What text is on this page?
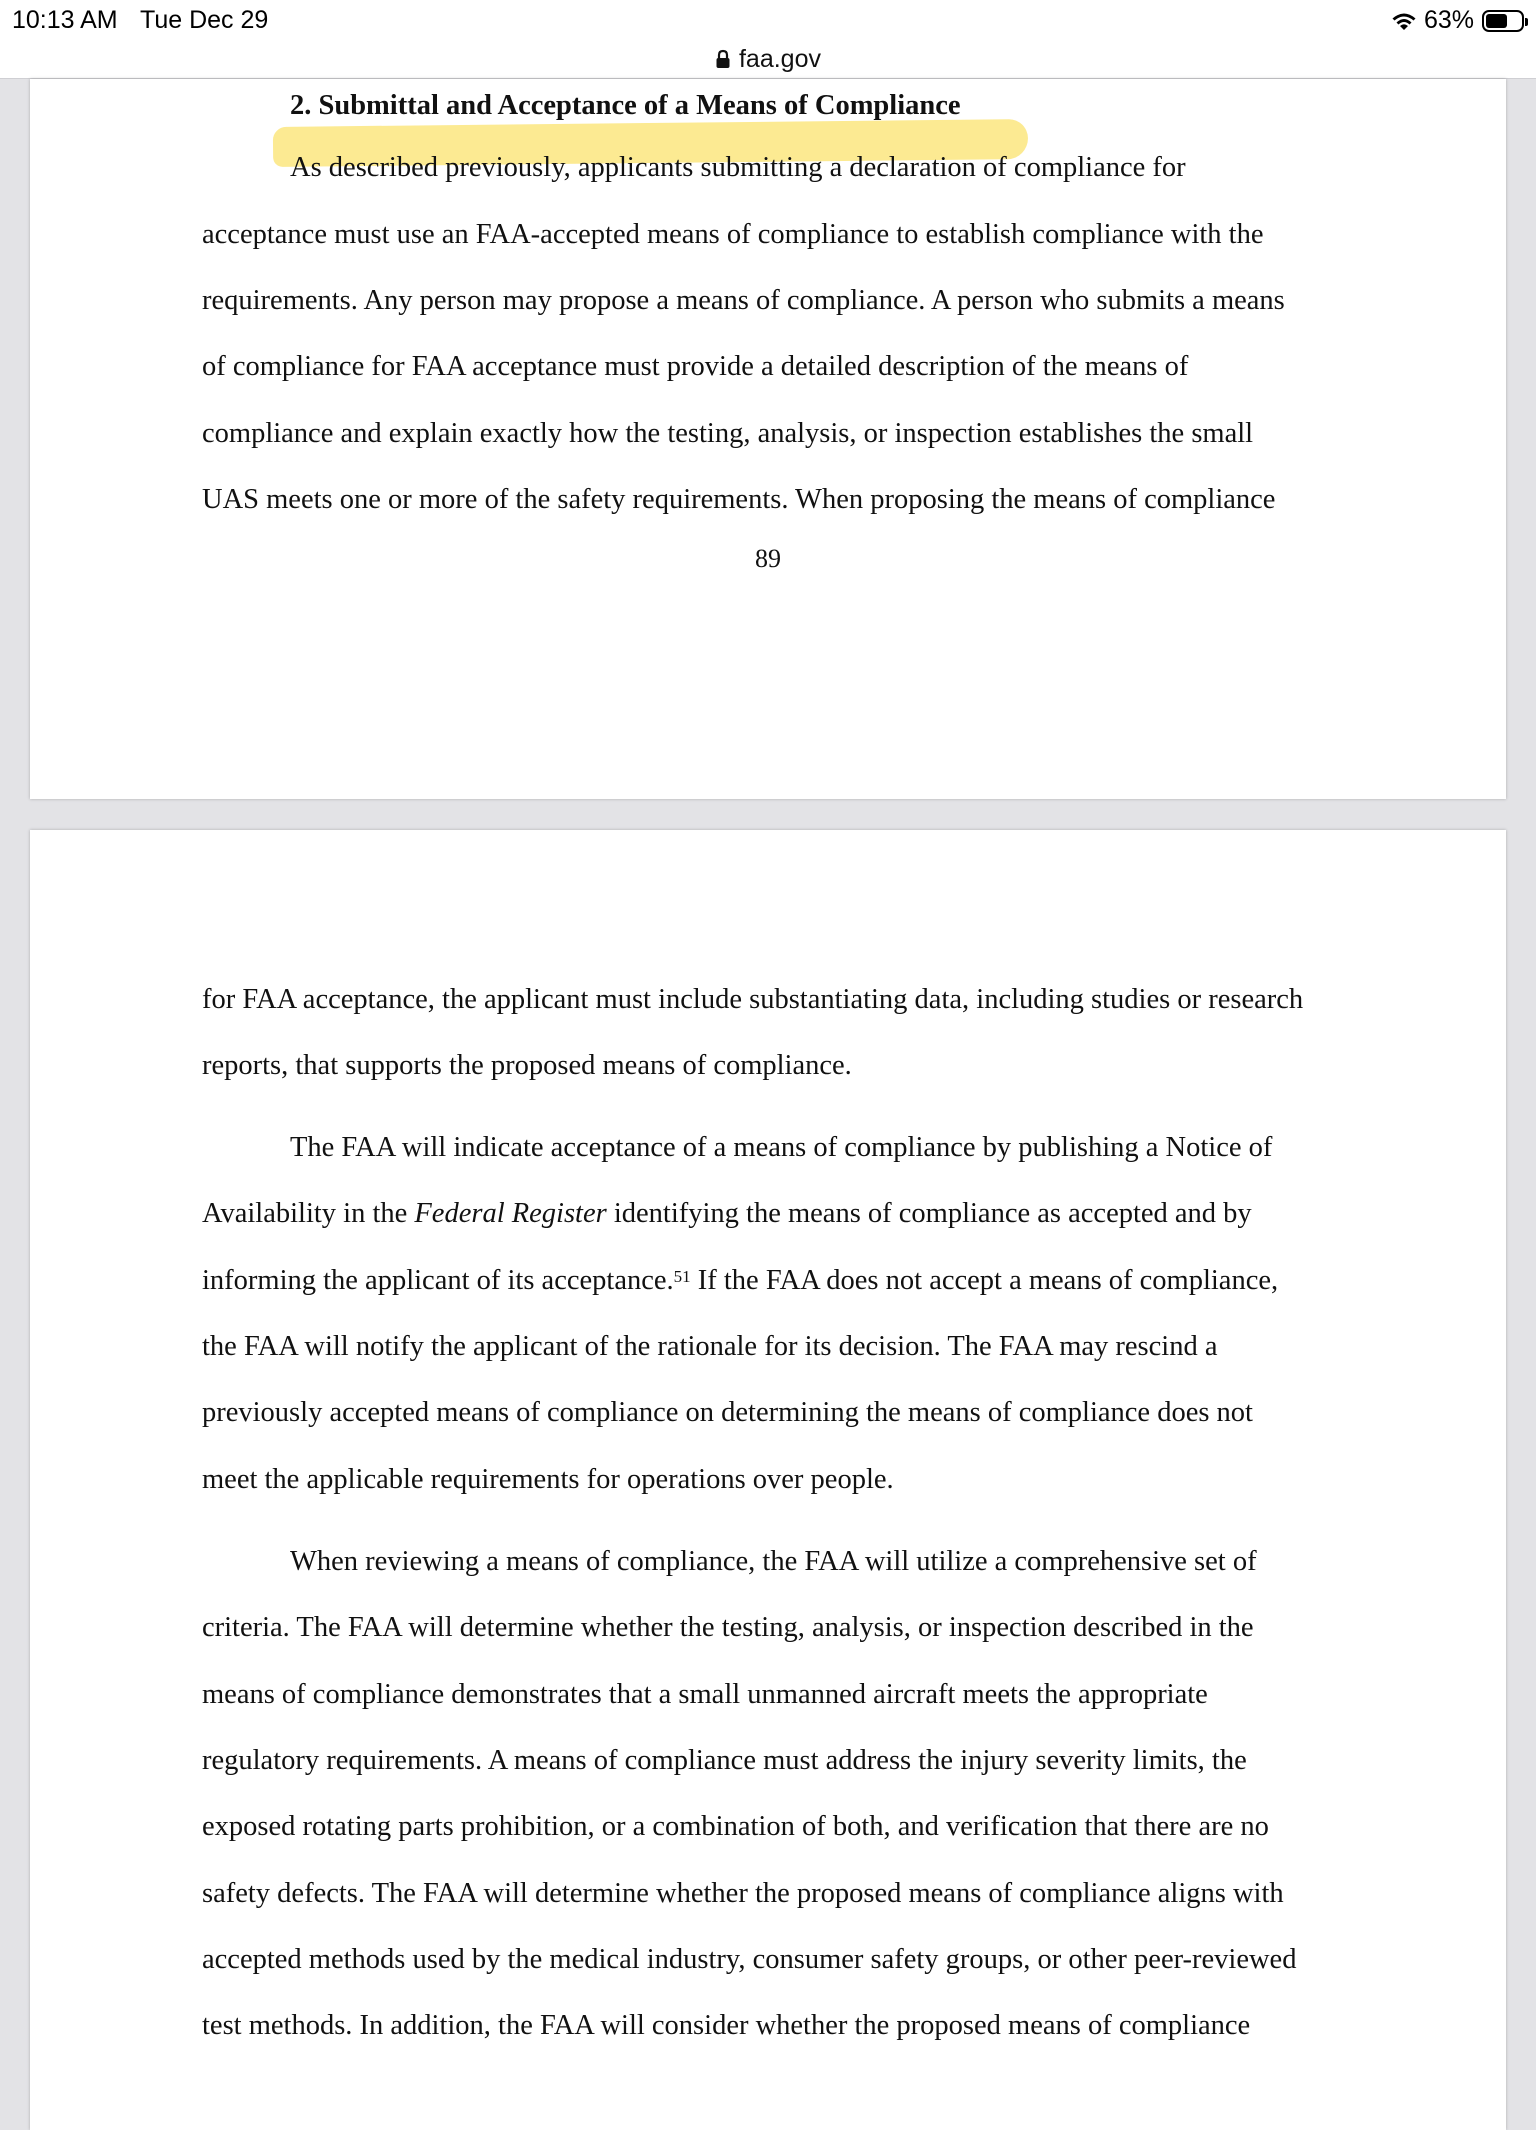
10:13 AM Tue Dec 29	63%
faa.gov
2. Submittal and Acceptance of a Means of Compliance
As described previously, applicants submitting a declaration of compliance for
acceptance must use an FAA-accepted means of compliance to establish compliance with the
requirements. Any person may propose a means of compliance. A person who submits a means
of compliance for FAA acceptance must provide a detailed description of the means of
compliance and explain exactly how the testing, analysis, or inspection establishes the small
UAS meets one or more of the safety requirements. When proposing the means of compliance
89
for FAA acceptance, the applicant must include substantiating data, including studies or research
reports, that supports the proposed means of compliance.
The FAA will indicate acceptance of a means of compliance by publishing a Notice of
Availability in the Federal Register identifying the means of compliance as accepted and by
informing the applicant of its acceptance.$^{51}$ If the FAA does not accept a means of compliance,
the FAA will notify the applicant of the rationale for its decision. The FAA may rescind a
previously accepted means of compliance on determining the means of compliance does not
meet the applicable requirements for operations over people.
When reviewing a means of compliance, the FAA will utilize a comprehensive set of
criteria. The FAA will determine whether the testing, analysis, or inspection described in the
means of compliance demonstrates that a small unmanned aircraft meets the appropriate
regulatory requirements. A means of compliance must address the injury severity limits, the
exposed rotating parts prohibition, or a combination of both, and verification that there are no
safety defects. The FAA will determine whether the proposed means of compliance aligns with
accepted methods used by the medical industry, consumer safety groups, or other peer-reviewed
test methods. In addition, the FAA will consider whether the proposed means of compliance
